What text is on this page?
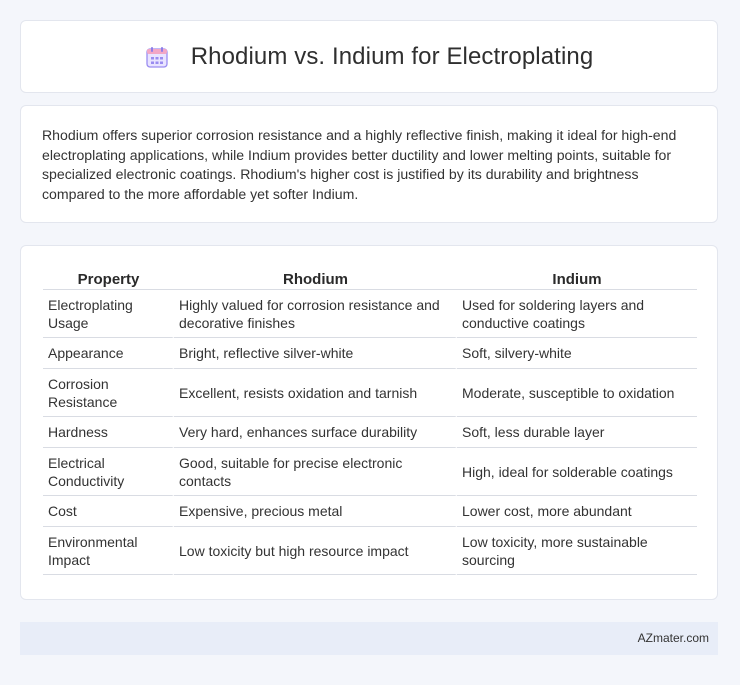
Rhodium vs. Indium for Electroplating

Rhodium offers superior corrosion resistance and a highly reflective finish, making it ideal for high-end electroplating applications, while Indium provides better ductility and lower melting points, suitable for specialized electronic coatings. Rhodium's higher cost is justified by its durability and brightness compared to the more affordable yet softer Indium.

Property	Rhodium	Indium
Electroplating Usage	Highly valued for corrosion resistance and decorative finishes	Used for soldering layers and conductive coatings
Appearance	Bright, reflective silver-white	Soft, silvery-white
Corrosion Resistance	Excellent, resists oxidation and tarnish	Moderate, susceptible to oxidation
Hardness	Very hard, enhances surface durability	Soft, less durable layer
Electrical Conductivity	Good, suitable for precise electronic contacts	High, ideal for solderable coatings
Cost	Expensive, precious metal	Lower cost, more abundant
Environmental Impact	Low toxicity but high resource impact	Low toxicity, more sustainable sourcing
AZmater.com
